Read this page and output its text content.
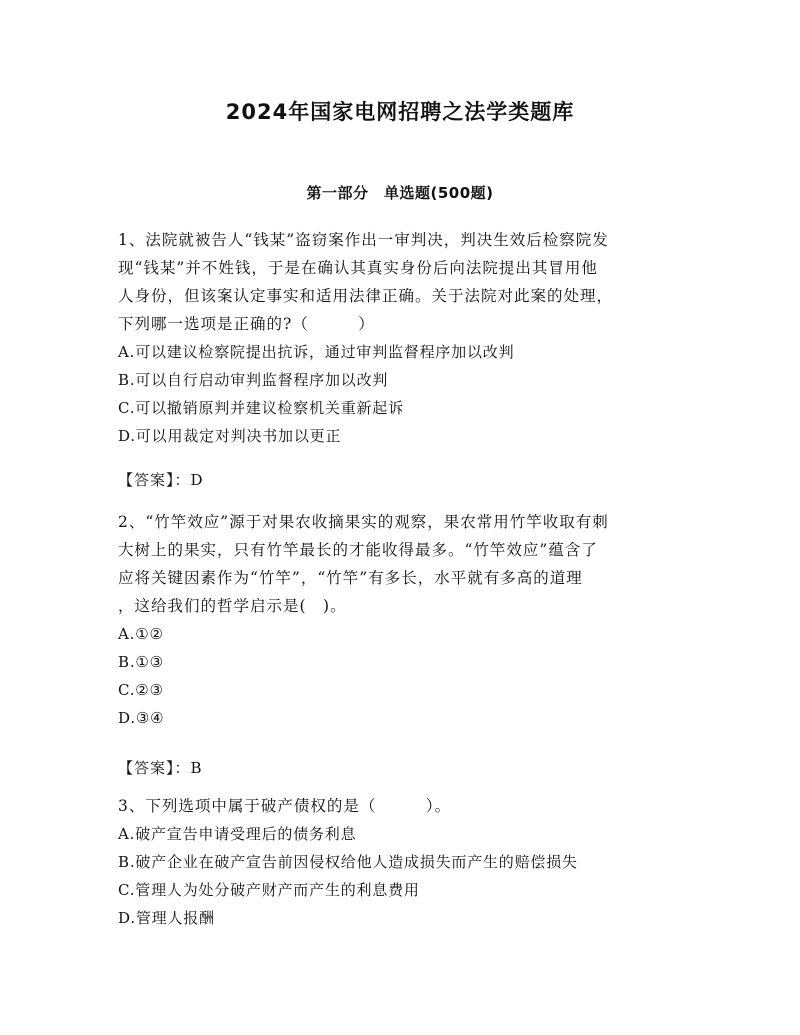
2024年国家电网招聘之法学类题库
第一部分　单选题(500题)
1、法院就被告人“钱某”盗窃案作出一审判决，判决生效后检察院发
现“钱某”并不姓钱，于是在确认其真实身份后向法院提出其冒用他
人身份，但该案认定事实和适用法律正确。关于法院对此案的处理，
下列哪一选项是正确的?（　　　）
A.可以建议检察院提出抗诉，通过审判监督程序加以改判
B.可以自行启动审判监督程序加以改判
C.可以撤销原判并建议检察机关重新起诉
D.可以用裁定对判决书加以更正
【答案】：D
2、“竹竿效应”源于对果农收摘果实的观察，果农常用竹竿收取有刺
大树上的果实，只有竹竿最长的才能收得最多。“竹竿效应”蕴含了
应将关键因素作为“竹竿”，“竹竿”有多长，水平就有多高的道理
，这给我们的哲学启示是(　)。
A.①②
B.①③
C.②③
D.③④
【答案】：B
3、下列选项中属于破产债权的是（　　　）。
A.破产宣告申请受理后的债务利息
B.破产企业在破产宣告前因侵权给他人造成损失而产生的赔偿损失
C.管理人为处分破产财产而产生的利息费用
D.管理人报酬
